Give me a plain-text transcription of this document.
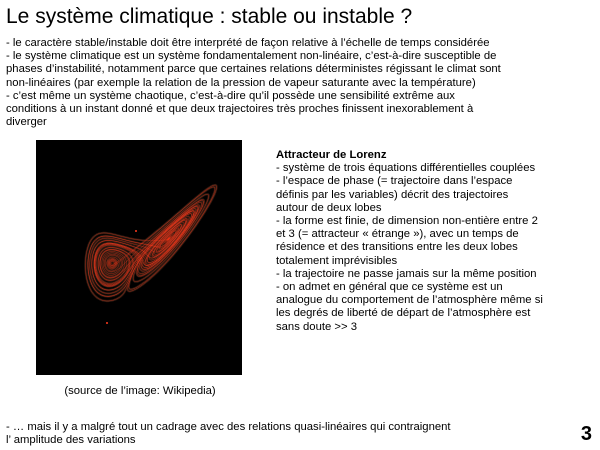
Le système climatique : stable ou instable ?
- le caractère stable/instable doit être interprété de façon relative à l’échelle de temps considérée
- le système climatique est un système fondamentalement non-linéaire, c’est-à-dire susceptible de
phases d’instabilité, notamment parce que certaines relations déterministes régissant le climat sont
non-linéaires (par exemple la relation de la pression de vapeur saturante avec la température)
- c’est même un système chaotique, c’est-à-dire qu’il possède une sensibilité extrême aux
conditions à un instant donné et que deux trajectoires très proches finissent inexorablement à
diverger
(source de l’image: Wikipedia)
Attracteur de Lorenz
- système de trois équations différentielles couplées
- l’espace de phase (= trajectoire dans l’espace
définis par les variables) décrit des trajectoires
autour de deux lobes
- la forme est finie, de dimension non-entière entre 2
et 3 (= attracteur « étrange »), avec un temps de
résidence et des transitions entre les deux lobes
totalement imprévisibles
- la trajectoire ne passe jamais sur la même position
- on admet en général que ce système est un
analogue du comportement de l’atmosphère même si
les degrés de liberté de départ de l’atmosphère est
sans doute >> 3
- … mais il y a malgré tout un cadrage avec des relations quasi-linéaires qui contraignent
l’ amplitude des variations	3
